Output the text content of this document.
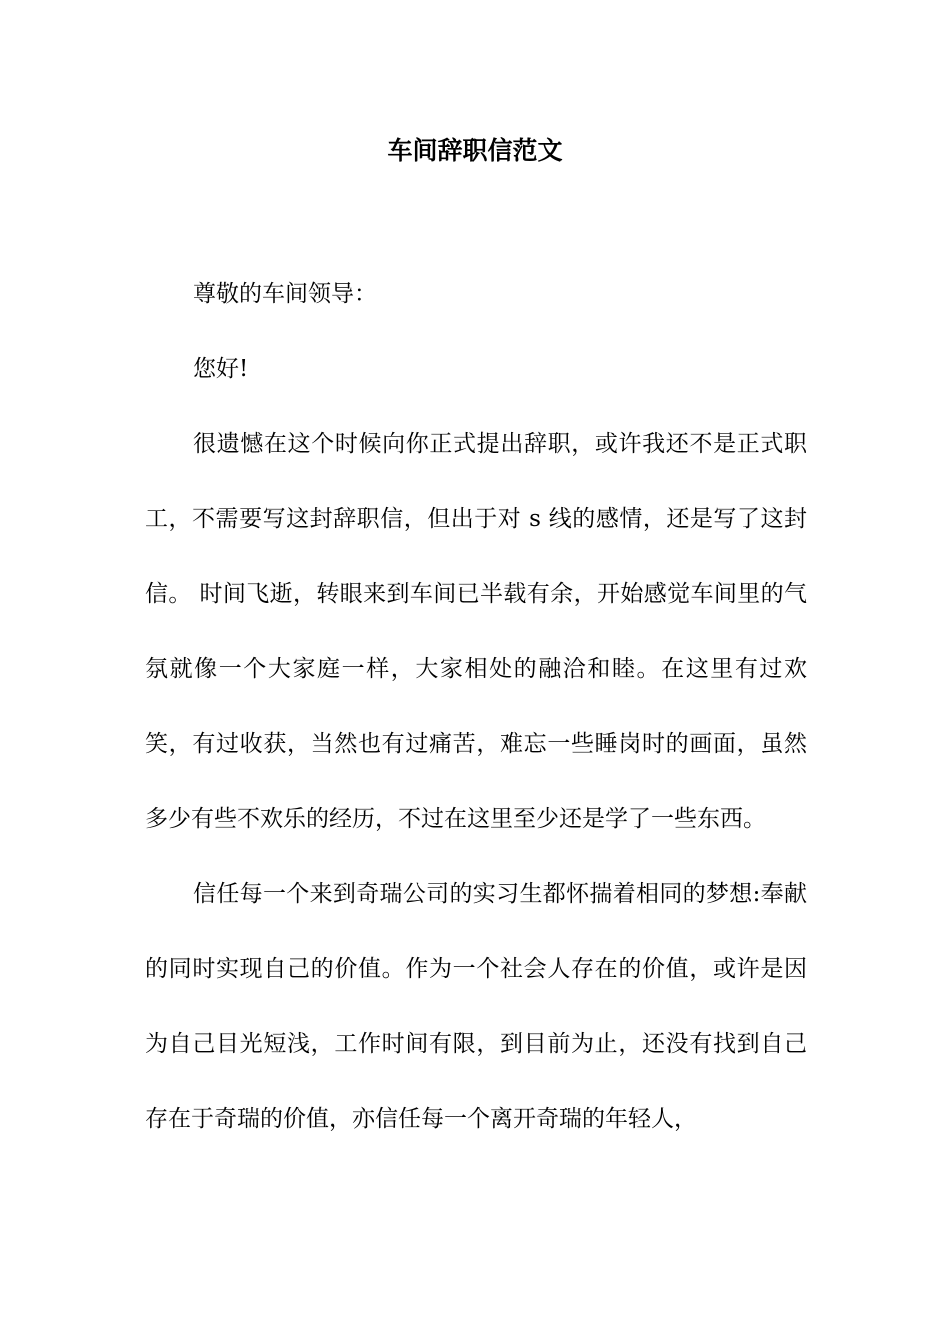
车间辞职信范文

尊敬的车间领导：

您好!

很遗憾在这个时候向你正式提出辞职，或许我还不是正式职工，不需要写这封辞职信，但出于对 s 线的感情，还是写了这封信。 时间飞逝，转眼来到车间已半载有余，开始感觉车间里的气氛就像一个大家庭一样，大家相处的融洽和睦。在这里有过欢笑，有过收获，当然也有过痛苦，难忘一些睡岗时的画面，虽然多少有些不欢乐的经历，不过在这里至少还是学了一些东西。

信任每一个来到奇瑞公司的实习生都怀揣着相同的梦想:奉献的同时实现自己的价值。作为一个社会人存在的价值，或许是因为自己目光短浅，工作时间有限，到目前为止，还没有找到自己存在于奇瑞的价值，亦信任每一个离开奇瑞的年轻人，
